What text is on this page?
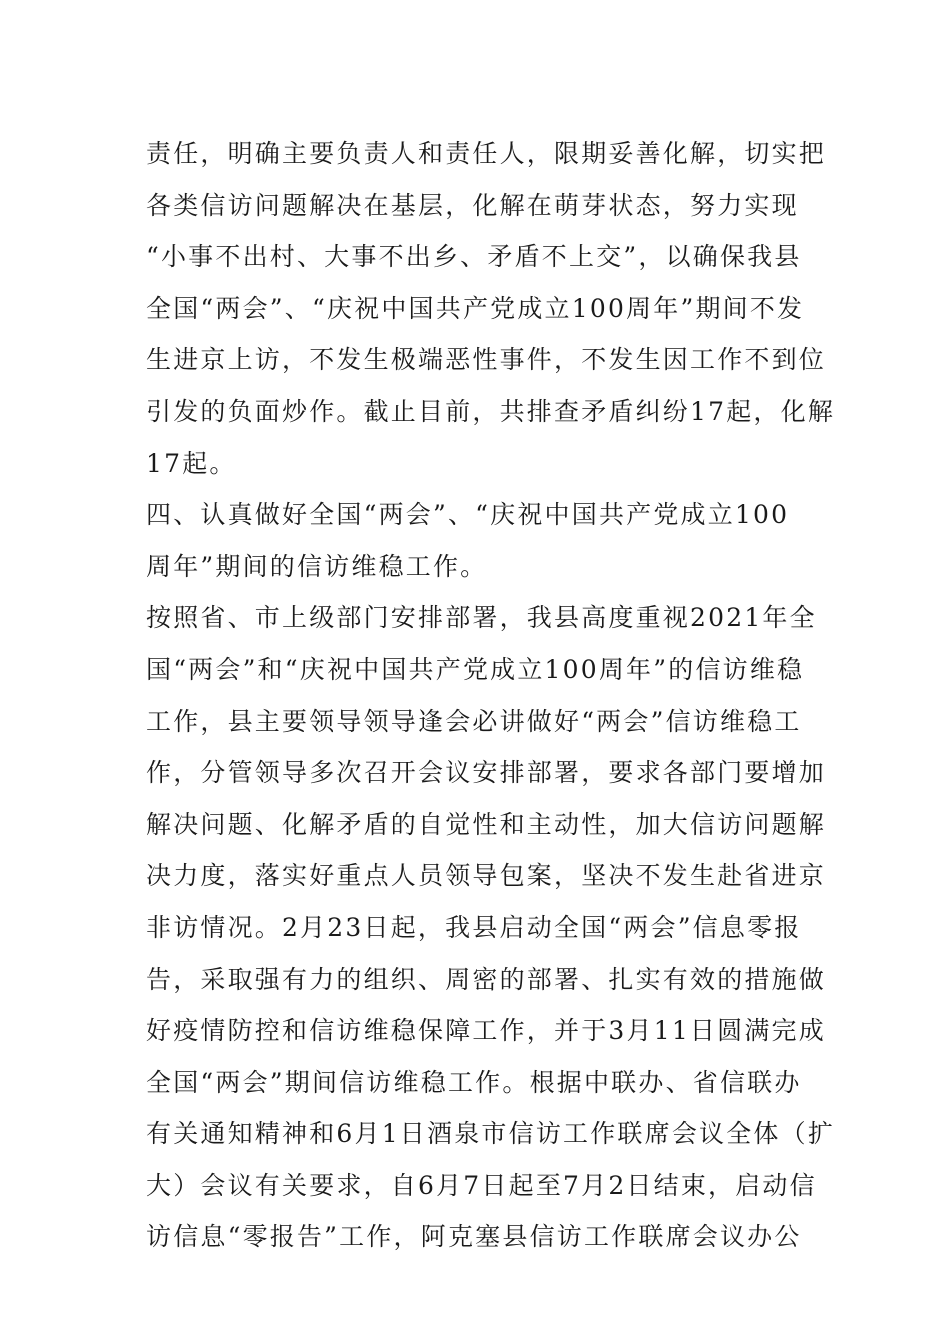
责任，明确主要负责人和责任人，限期妥善化解，切实把
各类信访问题解决在基层，化解在萌芽状态，努力实现
“小事不出村、大事不出乡、矛盾不上交”，以确保我县
全国“两会”、“庆祝中国共产党成立100周年”期间不发
生进京上访，不发生极端恶性事件，不发生因工作不到位
引发的负面炒作。截止目前，共排查矛盾纠纷17起，化解
17起。
四、认真做好全国“两会”、“庆祝中国共产党成立100
周年”期间的信访维稳工作。
按照省、市上级部门安排部署，我县高度重视2021年全
国“两会”和“庆祝中国共产党成立100周年”的信访维稳
工作，县主要领导领导逢会必讲做好“两会”信访维稳工
作，分管领导多次召开会议安排部署，要求各部门要增加
解决问题、化解矛盾的自觉性和主动性，加大信访问题解
决力度，落实好重点人员领导包案，坚决不发生赴省进京
非访情况。2月23日起，我县启动全国“两会”信息零报
告，采取强有力的组织、周密的部署、扎实有效的措施做
好疫情防控和信访维稳保障工作，并于3月11日圆满完成
全国“两会”期间信访维稳工作。根据中联办、省信联办
有关通知精神和6月1日酒泉市信访工作联席会议全体（扩
大）会议有关要求，自6月7日起至7月2日结束，启动信
访信息“零报告”工作，阿克塞县信访工作联席会议办公
